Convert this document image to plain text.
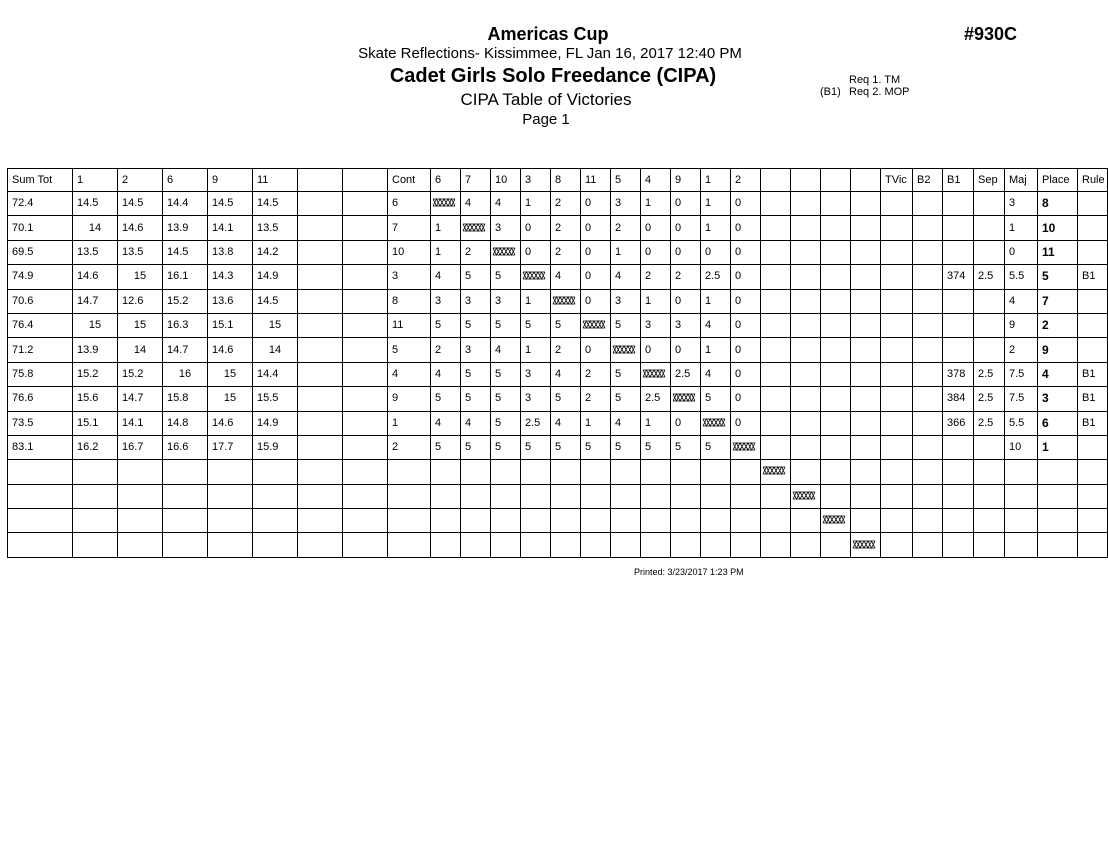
Americas Cup	#930C
Skate Reflections- Kissimmee, FL Jan 16, 2017 12:40 PM
Cadet Girls Solo Freedance (CIPA)	Req 1. TM
(B1) Req 2. MOP
CIPA Table of Victories
Page 1
Sum Tot	1	2	6	9	11			Cont	6	7	10	3	8	11	5	4	9	1	2					TVic	B2	B1	Sep	Maj	Place	Rule
72.4	14.5	14.5	14.4	14.5	14.5			6		4	4	1	2	0	3	1	0	1	0									3	8	
70.1	14	14.6	13.9	14.1	13.5			7	1		3	0	2	0	2	0	0	1	0									1	10	
69.5	13.5	13.5	14.5	13.8	14.2			10	1	2		0	2	0	1	0	0	0	0									0	11	
74.9	14.6	15	16.1	14.3	14.9			3	4	5	5		4	0	4	2	2	2.5	0							374	2.5	5.5	5	B1
70.6	14.7	12.6	15.2	13.6	14.5			8	3	3	3	1		0	3	1	0	1	0									4	7	
76.4	15	15	16.3	15.1	15			11	5	5	5	5	5		5	3	3	4	0									9	2	
71.2	13.9	14	14.7	14.6	14			5	2	3	4	1	2	0		0	0	1	0									2	9	
75.8	15.2	15.2	16	15	14.4			4	4	5	5	3	4	2	5		2.5	4	0							378	2.5	7.5	4	B1
76.6	15.6	14.7	15.8	15	15.5			9	5	5	5	3	5	2	5	2.5		5	0							384	2.5	7.5	3	B1
73.5	15.1	14.1	14.8	14.6	14.9			1	4	4	5	2.5	4	1	4	1	0		0							366	2.5	5.5	6	B1
83.1	16.2	16.7	16.6	17.7	15.9			2	5	5	5	5	5	5	5	5	5	5										10	1	

Printed: 3/23/2017 1:23 PM
